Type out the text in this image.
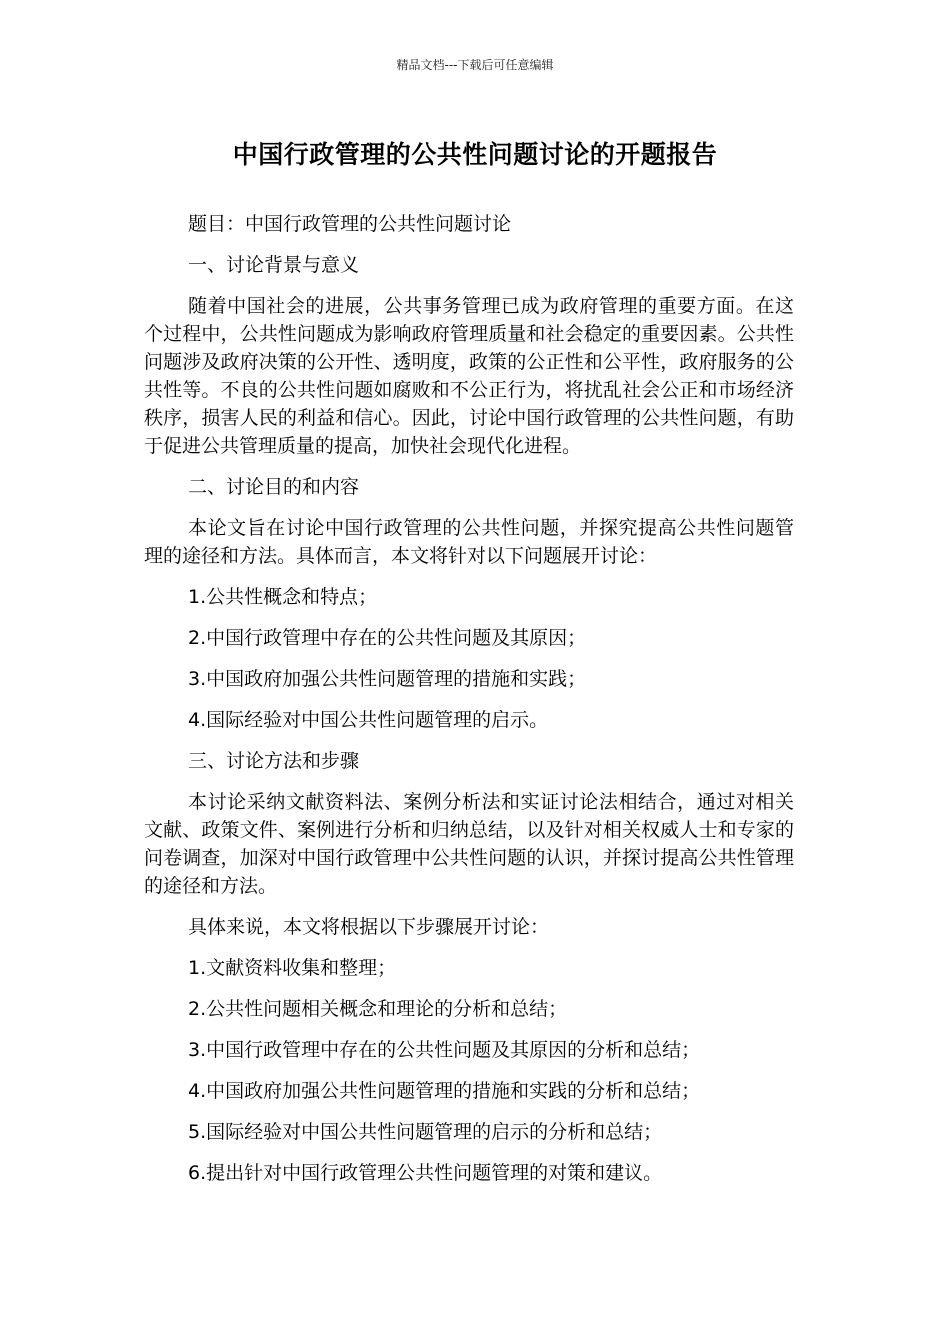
精品文档---下载后可任意编辑
中国行政管理的公共性问题讨论的开题报告

题目：中国行政管理的公共性问题讨论

一、讨论背景与意义

随着中国社会的进展，公共事务管理已成为政府管理的重要方面。在这个过程中，公共性问题成为影响政府管理质量和社会稳定的重要因素。公共性问题涉及政府决策的公开性、透明度，政策的公正性和公平性，政府服务的公共性等。不良的公共性问题如腐败和不公正行为，将扰乱社会公正和市场经济秩序，损害人民的利益和信心。因此，讨论中国行政管理的公共性问题，有助于促进公共管理质量的提高，加快社会现代化进程。

二、讨论目的和内容

本论文旨在讨论中国行政管理的公共性问题，并探究提高公共性问题管理的途径和方法。具体而言，本文将针对以下问题展开讨论：

1.公共性概念和特点；

2.中国行政管理中存在的公共性问题及其原因；

3.中国政府加强公共性问题管理的措施和实践；

4.国际经验对中国公共性问题管理的启示。

三、讨论方法和步骤

本讨论采纳文献资料法、案例分析法和实证讨论法相结合，通过对相关文献、政策文件、案例进行分析和归纳总结，以及针对相关权威人士和专家的问卷调查，加深对中国行政管理中公共性问题的认识，并探讨提高公共性管理的途径和方法。

具体来说，本文将根据以下步骤展开讨论：

1.文献资料收集和整理；

2.公共性问题相关概念和理论的分析和总结；

3.中国行政管理中存在的公共性问题及其原因的分析和总结；

4.中国政府加强公共性问题管理的措施和实践的分析和总结；

5.国际经验对中国公共性问题管理的启示的分析和总结；

6.提出针对中国行政管理公共性问题管理的对策和建议。
